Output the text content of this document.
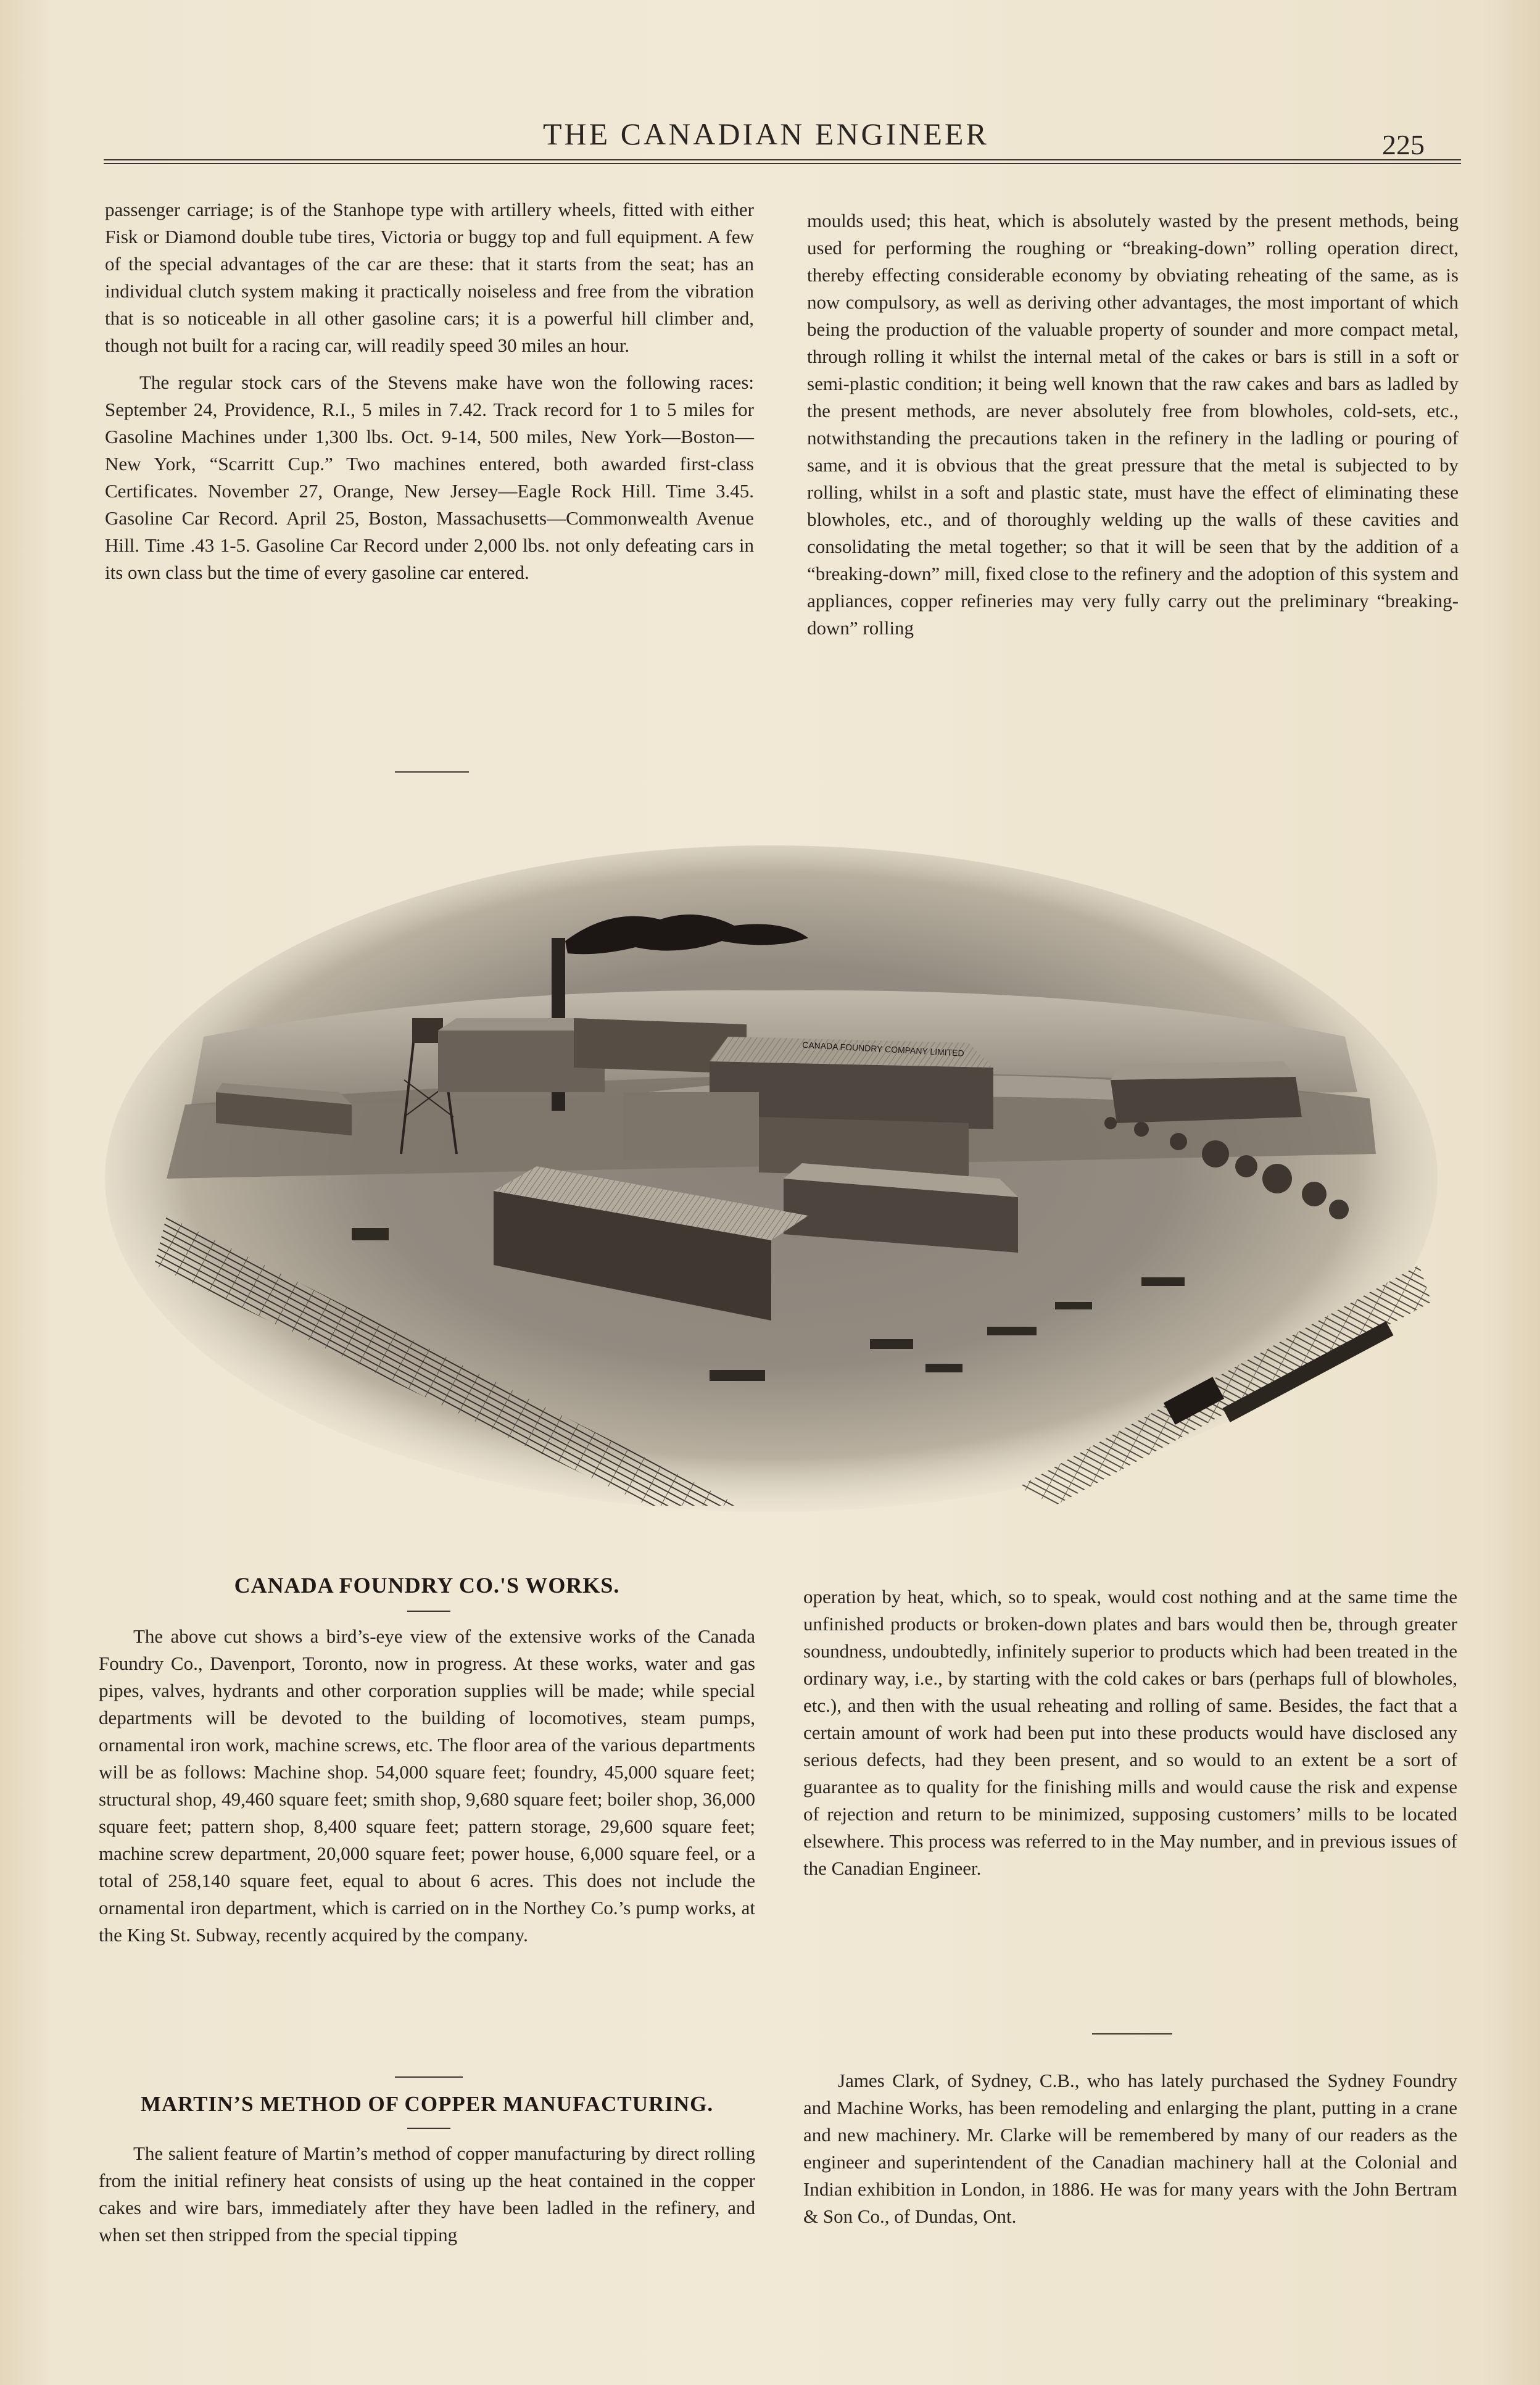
THE CANADIAN ENGINEER	225

passenger carriage; is of the Stanhope type with artillery wheels, fitted with either Fisk or Diamond double tube tires, Victoria or buggy top and full equipment. A few of the special advantages of the car are these: that it starts from the seat; has an individual clutch system making it practically noiseless and free from the vibration that is so noticeable in all other gasoline cars; it is a powerful hill climber and, though not built for a racing car, will readily speed 30 miles an hour.

The regular stock cars of the Stevens make have won the following races: September 24, Providence, R.I., 5 miles in 7.42. Track record for 1 to 5 miles for Gasoline Machines under 1,300 lbs. Oct. 9-14, 500 miles, New York—Boston—New York, “Scarritt Cup.” Two machines entered, both awarded first-class Certificates. November 27, Orange, New Jersey—Eagle Rock Hill. Time 3.45. Gasoline Car Record. April 25, Boston, Massachusetts—Commonwealth Avenue Hill. Time .43 1-5. Gasoline Car Record under 2,000 lbs. not only defeating cars in its own class but the time of every gasoline car entered.

moulds used; this heat, which is absolutely wasted by the present methods, being used for performing the roughing or “breaking-down” rolling operation direct, thereby effecting considerable economy by obviating reheating of the same, as is now compulsory, as well as deriving other advantages, the most important of which being the production of the valuable property of sounder and more compact metal, through rolling it whilst the internal metal of the cakes or bars is still in a soft or semi-plastic condition; it being well known that the raw cakes and bars as ladled by the present methods, are never absolutely free from blowholes, cold-sets, etc., notwithstanding the precautions taken in the refinery in the ladling or pouring of same, and it is obvious that the great pressure that the metal is subjected to by rolling, whilst in a soft and plastic state, must have the effect of eliminating these blowholes, etc., and of thoroughly welding up the walls of these cavities and consolidating the metal together; so that it will be seen that by the addition of a “breaking-down” mill, fixed close to the refinery and the adoption of this system and appliances, copper refineries may very fully carry out the preliminary “breaking-down” rolling

CANADA FOUNDRY COMPANY LIMITED
CANADA FOUNDRY CO.'S WORKS.

The above cut shows a bird’s-eye view of the extensive works of the Canada Foundry Co., Davenport, Toronto, now in progress. At these works, water and gas pipes, valves, hydrants and other corporation supplies will be made; while special departments will be devoted to the building of locomotives, steam pumps, ornamental iron work, machine screws, etc. The floor area of the various departments will be as follows: Machine shop. 54,000 square feet; foundry, 45,000 square feet; structural shop, 49,460 square feet; smith shop, 9,680 square feet; boiler shop, 36,000 square feet; pattern shop, 8,400 square feet; pattern storage, 29,600 square feet; machine screw department, 20,000 square feet; power house, 6,000 square feel, or a total of 258,140 square feet, equal to about 6 acres. This does not include the ornamental iron department, which is carried on in the Northey Co.’s pump works, at the King St. Subway, recently acquired by the company.

MARTIN’S METHOD OF COPPER MANUFACTURING.

The salient feature of Martin’s method of copper manufacturing by direct rolling from the initial refinery heat consists of using up the heat contained in the copper cakes and wire bars, immediately after they have been ladled in the refinery, and when set then stripped from the special tipping

operation by heat, which, so to speak, would cost nothing and at the same time the unfinished products or broken-down plates and bars would then be, through greater soundness, undoubtedly, infinitely superior to products which had been treated in the ordinary way, i.e., by starting with the cold cakes or bars (perhaps full of blowholes, etc.), and then with the usual reheating and rolling of same. Besides, the fact that a certain amount of work had been put into these products would have disclosed any serious defects, had they been present, and so would to an extent be a sort of guarantee as to quality for the finishing mills and would cause the risk and expense of rejection and return to be minimized, supposing customers’ mills to be located elsewhere. This process was referred to in the May number, and in previous issues of the Canadian Engineer.

James Clark, of Sydney, C.B., who has lately purchased the Sydney Foundry and Machine Works, has been remodeling and enlarging the plant, putting in a crane and new machinery. Mr. Clarke will be remembered by many of our readers as the engineer and superintendent of the Canadian machinery hall at the Colonial and Indian exhibition in London, in 1886. He was for many years with the John Bertram & Son Co., of Dundas, Ont.
